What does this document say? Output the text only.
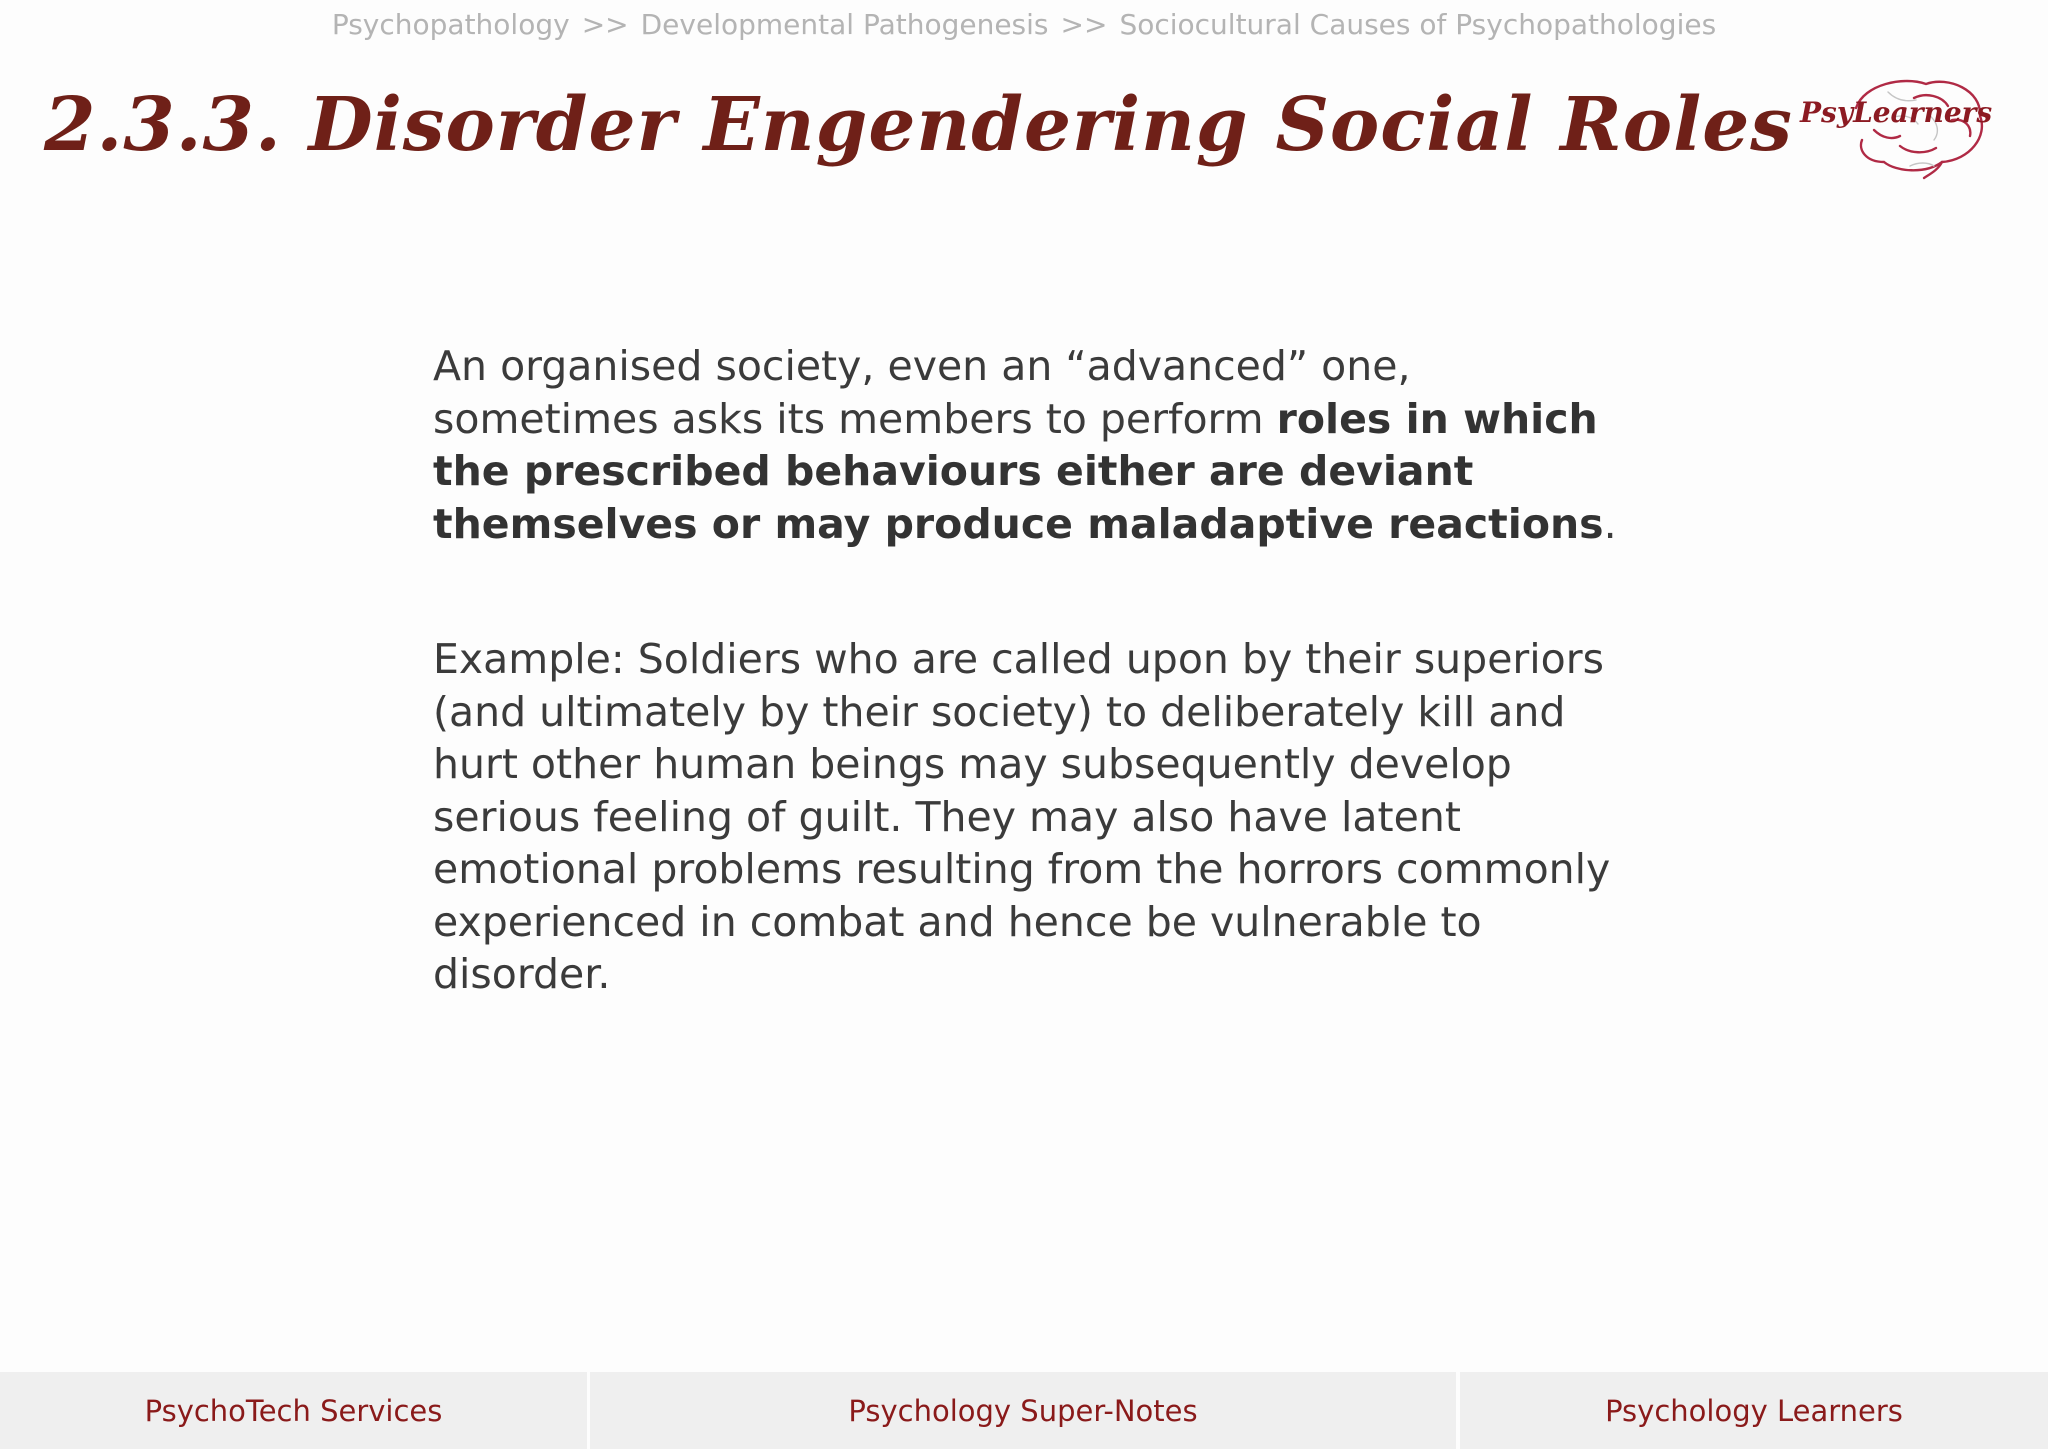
Psychopathology >> Developmental Pathogenesis >> Sociocultural Causes of Psychopathologies
2.3.3. Disorder Engendering Social Roles PsyLearners

An organised society, even an “advanced” one, sometimes asks its members to perform roles in which the prescribed behaviours either are deviant themselves or may produce maladaptive reactions.

Example: Soldiers who are called upon by their superiors (and ultimately by their society) to deliberately kill and hurt other human beings may subsequently develop serious feeling of guilt. They may also have latent emotional problems resulting from the horrors commonly experienced in combat and hence be vulnerable to disorder.

PsychoTech Services	Psychology Super-Notes	Psychology Learners
